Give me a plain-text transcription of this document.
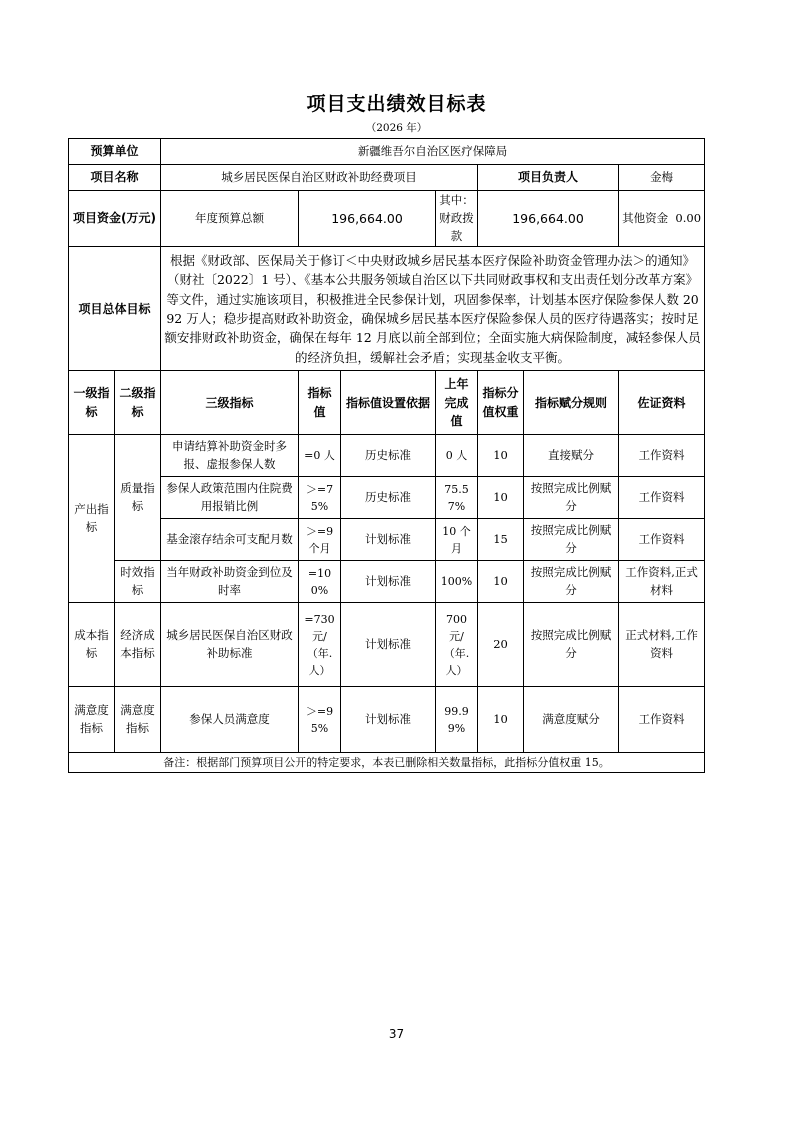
项目支出绩效目标表
（2026 年）
预算单位		新疆维吾尔自治区医疗保障局						
项目名称		城乡居民医保自治区财政补助经费项目				项目负责人		金梅
项目资金(万元)		年度预算总额	196,664.00		其中：财政拨款	196,664.00		其他资金 0.00
项目总体目标		根据《财政部、医保局关于修订＜中央财政城乡居民基本医疗保险补助资金管理办法＞的通知》（财社〔2022〕1 号）、《基本公共服务领域自治区以下共同财政事权和支出责任划分改革方案》等文件，通过实施该项目，积极推进全民参保计划，巩固参保率，计划基本医疗保险参保人数 2092 万人；稳步提高财政补助资金，确保城乡居民基本医疗保险参保人员的医疗待遇落实；按时足额安排财政补助资金，确保在每年 12 月底以前全部到位；全面实施大病保险制度，减轻参保人员的经济负担，缓解社会矛盾；实现基金收支平衡。						
一级指标	二级指标	三级指标	指标值	指标值设置依据	上年完成值	指标分值权重	指标赋分规则	佐证资料
产出指标	质量指标	申请结算补助资金时多报、虚报参保人数	=0 人	历史标准	0 人	10	直接赋分	工作资料
		参保人政策范围内住院费用报销比例	＞=75%	历史标准	75.57%	10	按照完成比例赋分	工作资料
		基金滚存结余可支配月数	＞=9 个月	计划标准	10 个月	15	按照完成比例赋分	工作资料
	时效指标	当年财政补助资金到位及时率	=100%	计划标准	100%	10	按照完成比例赋分	工作资料,正式材料
成本指标	经济成本指标	城乡居民医保自治区财政补助标准	=730 元/（年.人）	计划标准	700 元/（年.人）	20	按照完成比例赋分	正式材料,工作资料
满意度指标	满意度指标	参保人员满意度	＞=95%	计划标准	99.99%	10	满意度赋分	工作资料
备注：根据部门预算项目公开的特定要求，本表已删除相关数量指标，此指标分值权重 15。								
37
